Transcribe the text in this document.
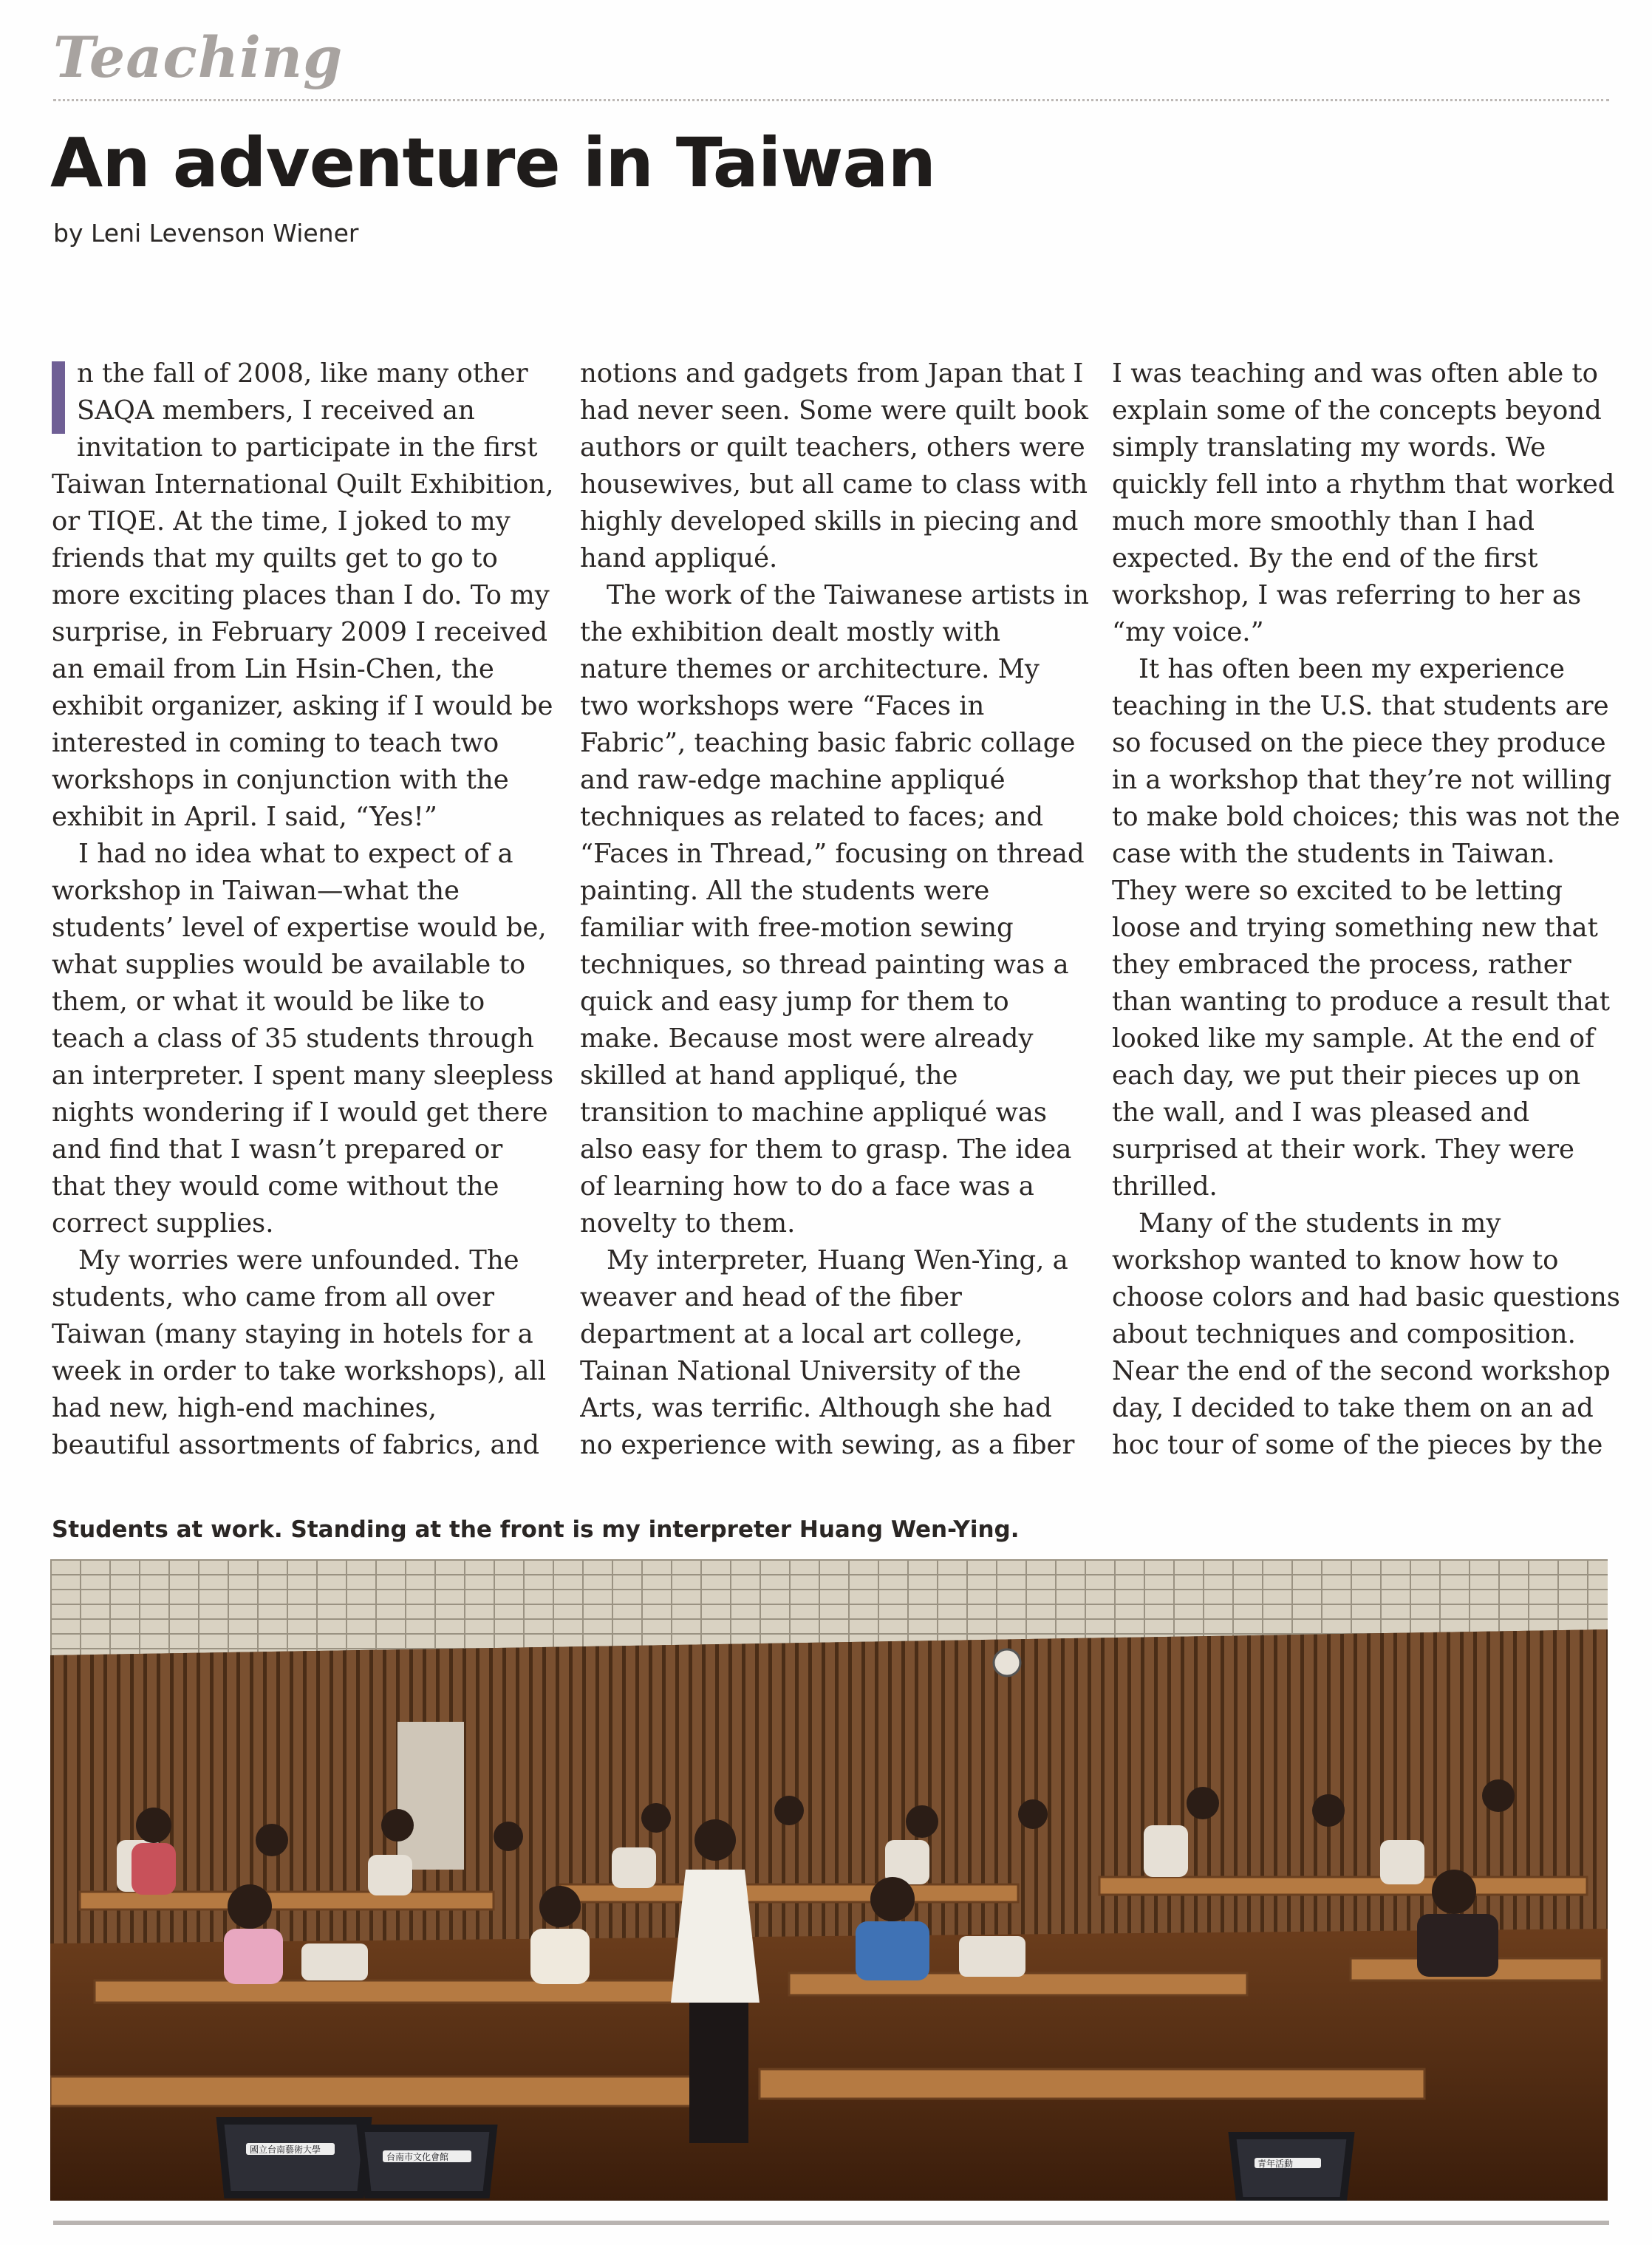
Teaching
An adventure in Taiwan
by Leni Levenson Wiener

n the fall of 2008, like many other SAQA members, I received an invitation to participate in the first Taiwan International Quilt Exhibition, or TIQE. At the time, I joked to my friends that my quilts get to go to more exciting places than I do. To my surprise, in February 2009 I received an email from Lin Hsin-Chen, the exhibit organizer, asking if I would be interested in coming to teach two workshops in conjunction with the exhibit in April. I said, “Yes!”

I had no idea what to expect of a workshop in Taiwan—what the students’ level of expertise would be, what supplies would be available to them, or what it would be like to teach a class of 35 students through an interpreter. I spent many sleepless nights wondering if I would get there and find that I wasn’t prepared or that they would come without the correct supplies.

My worries were unfounded. The students, who came from all over Taiwan (many staying in hotels for a week in order to take workshops), all had new, high-end machines, beautiful assortments of fabrics, and

notions and gadgets from Japan that I had never seen. Some were quilt book authors or quilt teachers, others were housewives, but all came to class with highly developed skills in piecing and hand appliqué.

The work of the Taiwanese artists in the exhibition dealt mostly with nature themes or architecture. My two workshops were “Faces in Fabric”, teaching basic fabric collage and raw-edge machine appliqué techniques as related to faces; and “Faces in Thread,” focusing on thread painting. All the students were familiar with free-motion sewing techniques, so thread painting was a quick and easy jump for them to make. Because most were already skilled at hand appliqué, the transition to machine appliqué was also easy for them to grasp. The idea of learning how to do a face was a novelty to them.

My interpreter, Huang Wen-Ying, a weaver and head of the fiber department at a local art college, Tainan National University of the Arts, was terrific. Although she had no experience with sewing, as a fiber

I was teaching and was often able to explain some of the concepts beyond simply translating my words. We quickly fell into a rhythm that worked much more smoothly than I had expected. By the end of the first workshop, I was referring to her as “my voice.”

It has often been my experience teaching in the U.S. that students are so focused on the piece they produce in a workshop that they’re not willing to make bold choices; this was not the case with the students in Taiwan. They were so excited to be letting loose and trying something new that they embraced the process, rather than wanting to produce a result that looked like my sample. At the end of each day, we put their pieces up on the wall, and I was pleased and surprised at their work. They were thrilled.

Many of the students in my workshop wanted to know how to choose colors and had basic questions about techniques and composition. Near the end of the second workshop day, I decided to take them on an ad hoc tour of some of the pieces by the

Students at work. Standing at the front is my interpreter Huang Wen-Ying.
國立台南藝術大學
台南市文化會館
青年活動
